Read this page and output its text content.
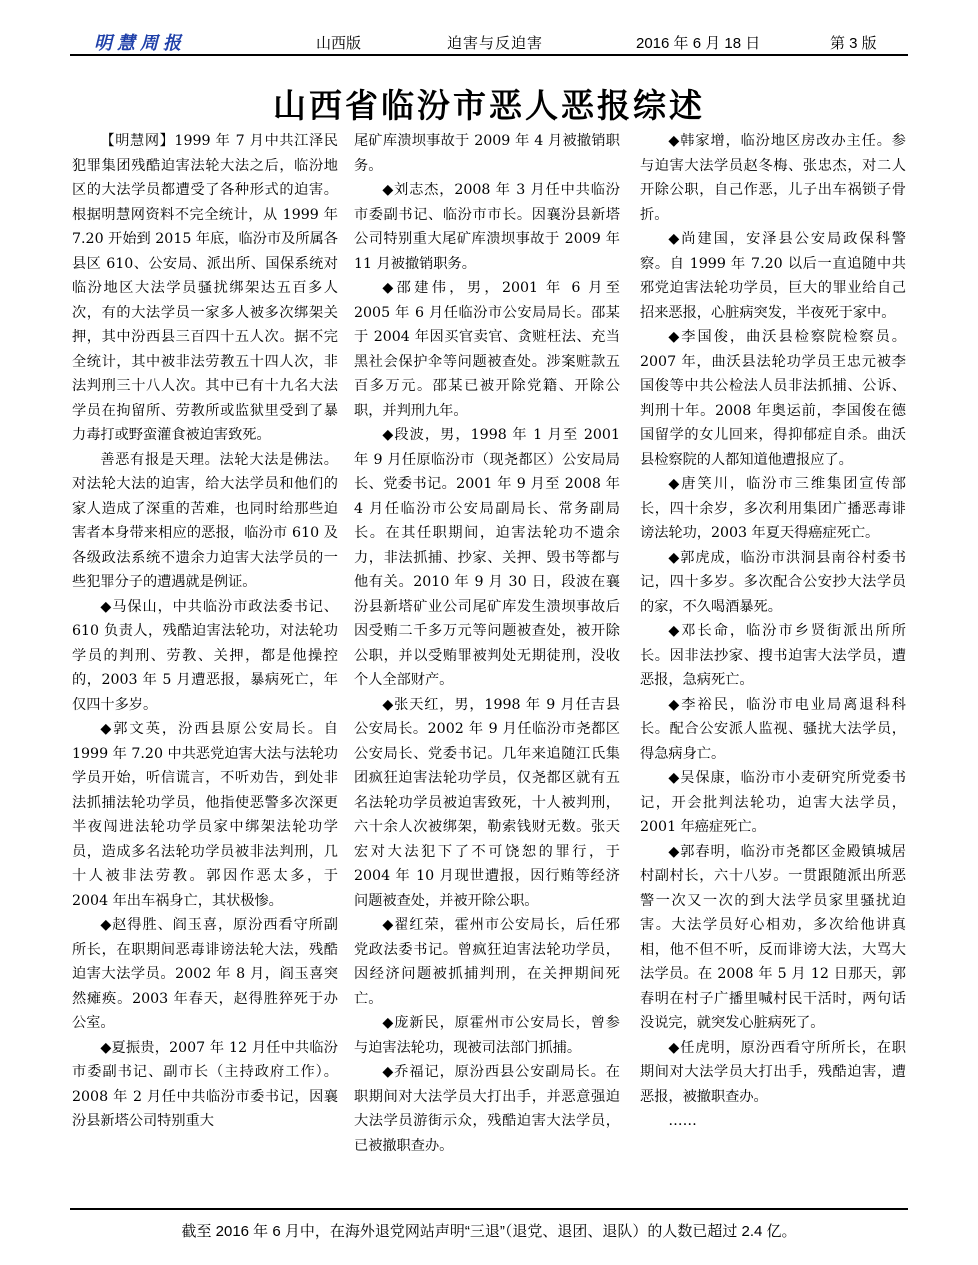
明慧周报	山西版	迫害与反迫害	2016 年 6 月 18 日	第 3 版
山西省临汾市恶人恶报综述

【明慧网】1999 年 7 月中共江泽民犯罪集团残酷迫害法轮大法之后，临汾地区的大法学员都遭受了各种形式的迫害。根据明慧网资料不完全统计，从 1999 年 7.20 开始到 2015 年底，临汾市及所属各县区 610、公安局、派出所、国保系统对临汾地区大法学员骚扰绑架达五百多人次，有的大法学员一家多人被多次绑架关押，其中汾西县三百四十五人次。据不完全统计，其中被非法劳教五十四人次，非法判刑三十八人次。其中已有十九名大法学员在拘留所、劳教所或监狱里受到了暴力毒打或野蛮灌食被迫害致死。

善恶有报是天理。法轮大法是佛法。对法轮大法的迫害，给大法学员和他们的家人造成了深重的苦难，也同时给那些迫害者本身带来相应的恶报，临汾市 610 及各级政法系统不遗余力迫害大法学员的一些犯罪分子的遭遇就是例证。

◆马保山，中共临汾市政法委书记、610 负责人，残酷迫害法轮功，对法轮功学员的判刑、劳教、关押，都是他操控的，2003 年 5 月遭恶报，暴病死亡，年仅四十多岁。

◆郭文英，汾西县原公安局长。自 1999 年 7.20 中共恶党迫害大法与法轮功学员开始，听信谎言，不听劝告，到处非法抓捕法轮功学员，他指使恶警多次深更半夜闯进法轮功学员家中绑架法轮功学员，造成多名法轮功学员被非法判刑，几十人被非法劳教。郭因作恶太多，于 2004 年出车祸身亡，其状极惨。

◆赵得胜、阎玉喜，原汾西看守所副所长，在职期间恶毒诽谤法轮大法，残酷迫害大法学员。2002 年 8 月，阎玉喜突然瘫痪。2003 年春天，赵得胜猝死于办公室。

◆夏振贵，2007 年 12 月任中共临汾市委副书记、副市长（主持政府工作）。2008 年 2 月任中共临汾市委书记，因襄汾县新塔公司特别重大

尾矿库溃坝事故于 2009 年 4 月被撤销职务。

◆刘志杰，2008 年 3 月任中共临汾市委副书记、临汾市市长。因襄汾县新塔公司特别重大尾矿库溃坝事故于 2009 年 11 月被撤销职务。

◆邵建伟，男，2001 年 6 月至 2005 年 6 月任临汾市公安局局长。邵某于 2004 年因买官卖官、贪赃枉法、充当黑社会保护伞等问题被查处。涉案赃款五百多万元。邵某已被开除党籍、开除公职，并判刑九年。

◆段波，男，1998 年 1 月至 2001 年 9 月任原临汾市（现尧都区）公安局局长、党委书记。2001 年 9 月至 2008 年 4 月任临汾市公安局副局长、常务副局长。在其任职期间，迫害法轮功不遗余力，非法抓捕、抄家、关押、毁书等都与他有关。2010 年 9 月 30 日，段波在襄汾县新塔矿业公司尾矿库发生溃坝事故后因受贿二千多万元等问题被查处，被开除公职，并以受贿罪被判处无期徒刑，没收个人全部财产。

◆张天红，男，1998 年 9 月任吉县公安局长。2002 年 9 月任临汾市尧都区公安局长、党委书记。几年来追随江氏集团疯狂迫害法轮功学员，仅尧都区就有五名法轮功学员被迫害致死，十人被判刑，六十余人次被绑架，勒索钱财无数。张天宏对大法犯下了不可饶恕的罪行，于 2004 年 10 月现世遭报，因行贿等经济问题被查处，并被开除公职。

◆翟红荣，霍州市公安局长，后任邪党政法委书记。曾疯狂迫害法轮功学员，因经济问题被抓捕判刑，在关押期间死亡。

◆庞新民，原霍州市公安局长，曾参与迫害法轮功，现被司法部门抓捕。

◆乔福记，原汾西县公安副局长。在职期间对大法学员大打出手，并恶意强迫大法学员游街示众，残酷迫害大法学员，已被撤职查办。

◆韩家增，临汾地区房改办主任。参与迫害大法学员赵冬梅、张忠杰，对二人开除公职，自己作恶，儿子出车祸锁子骨折。

◆尚建国，安泽县公安局政保科警察。自 1999 年 7.20 以后一直追随中共邪党迫害法轮功学员，巨大的罪业给自己招来恶报，心脏病突发，半夜死于家中。

◆李国俊，曲沃县检察院检察员。2007 年，曲沃县法轮功学员王忠元被李国俊等中共公检法人员非法抓捕、公诉、判刑十年。2008 年奥运前，李国俊在德国留学的女儿回来，得抑郁症自杀。曲沃县检察院的人都知道他遭报应了。

◆唐笑川，临汾市三维集团宣传部长，四十余岁，多次利用集团广播恶毒诽谤法轮功，2003 年夏天得癌症死亡。

◆郭虎成，临汾市洪洞县南谷村委书记，四十多岁。多次配合公安抄大法学员的家，不久喝酒暴死。

◆邓长命，临汾市乡贤街派出所所长。因非法抄家、搜书迫害大法学员，遭恶报，急病死亡。

◆李裕民，临汾市电业局离退科科长。配合公安派人监视、骚扰大法学员，得急病身亡。

◆吴保康，临汾市小麦研究所党委书记，开会批判法轮功，迫害大法学员，2001 年癌症死亡。

◆郭春明，临汾市尧都区金殿镇城居村副村长，六十八岁。一贯跟随派出所恶警一次又一次的到大法学员家里骚扰迫害。大法学员好心相劝，多次给他讲真相，他不但不听，反而诽谤大法，大骂大法学员。在 2008 年 5 月 12 日那天，郭春明在村子广播里喊村民干活时，两句话没说完，就突发心脏病死了。

◆任虎明，原汾西看守所所长，在职期间对大法学员大打出手，残酷迫害，遭恶报，被撤职查办。

……

截至 2016 年 6 月中，在海外退党网站声明“三退”（退党、退团、退队）的人数已超过 2.4 亿。
